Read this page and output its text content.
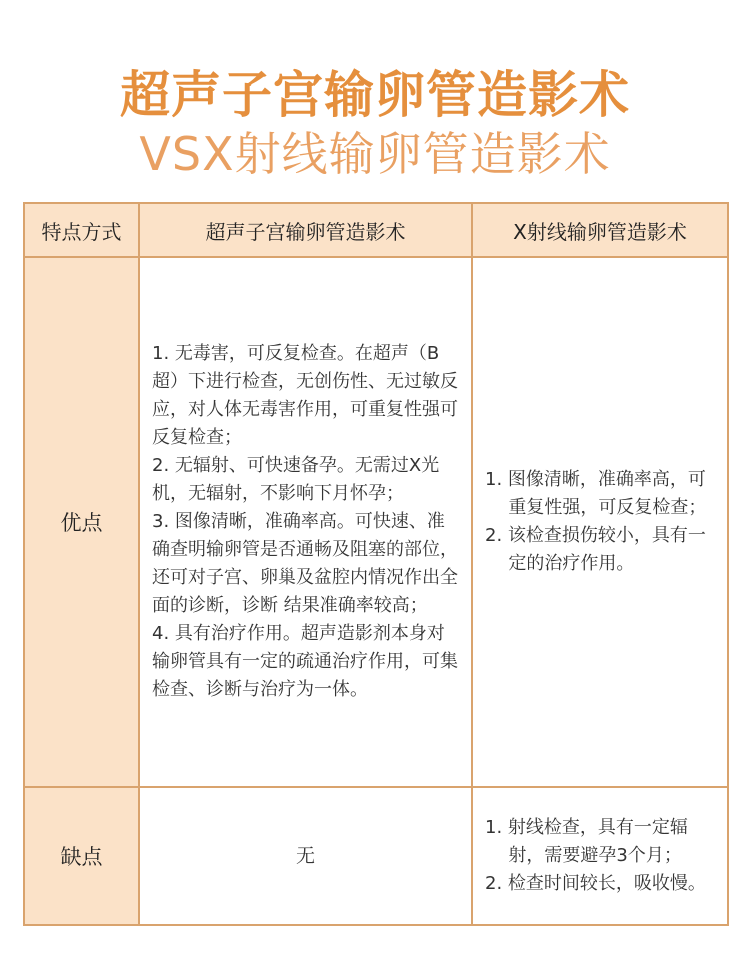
超声子宫输卵管造影术
VSX射线输卵管造影术
特点方式	超声子宫输卵管造影术	X射线输卵管造影术
优点	1. 无毒害，可反复检查。在超声（B超）下进行检查，无创伤性、无过敏反应，对人体无毒害作用，可重复性强可反复检查；
2. 无辐射、可快速备孕。无需过X光机，无辐射，不影响下月怀孕；
3. 图像清晰，准确率高。可快速、准确查明输卵管是否通畅及阻塞的部位，还可对子宫、卵巢及盆腔内情况作出全面的诊断，诊断 结果准确率较高；
4. 具有治疗作用。超声造影剂本身对输卵管具有一定的疏通治疗作用，可集检查、诊断与治疗为一体。	1. 图像清晰，准确率高，可重复性强，可反复检查；
2. 该检查损伤较小，具有一定的治疗作用。

缺点	无	1. 射线检查，具有一定辐射，需要避孕3个月；
2. 检查时间较长，吸收慢。
